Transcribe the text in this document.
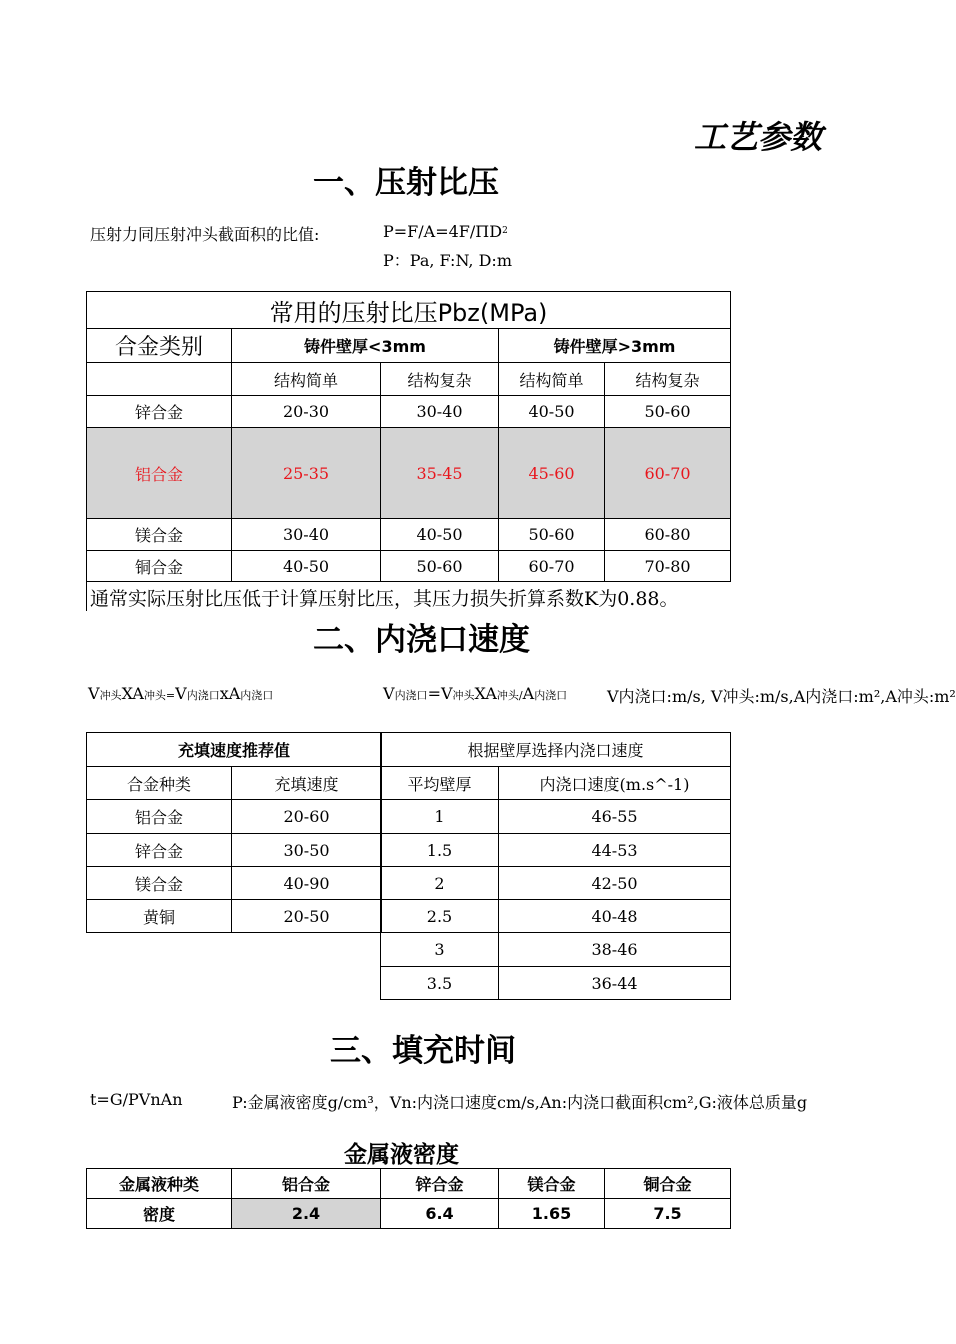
工艺参数
一、压射比压
压射力同压射冲头截面积的比值:	$P=F/A=4F/\Pi D^2$
P：Pa, F:N, D:m
常用的压射比压Pbz(MPa)				
合金类别	铸件壁厚<3mm		铸件壁厚>3mm	
	结构简单	结构复杂	结构简单	结构复杂
锌合金	20-30	30-40	40-50	50-60
铝合金	25-35	35-45	45-60	60-70
镁合金	30-40	40-50	50-60	60-80
铜合金	40-50	50-60	60-70	70-80
通常实际压射比压低于计算压射比压，其压力损失折算系数K为0.88。
二、内浇口速度
V冲头XA冲头=V内浇口xA内浇口	V内浇口=V冲头XA冲头/A内浇口 V内浇口:m/s, V冲头:m/s,A内浇口:m²,A冲头:m²
充填速度推荐值	
合金种类	充填速度
铝合金	20-60
锌合金	30-50
镁合金	40-90
黄铜	20-50
根据壁厚选择内浇口速度	
平均壁厚	内浇口速度(m.s^-1)
1	46-55
1.5	44-53
2	42-50
2.5	40-48
3	38-46
3.5	36-44
三、填充时间
t=G/PVnAn	P:金属液密度g/cm³，Vn:内浇口速度cm/s,An:内浇口截面积cm²,G:液体总质量g
金属液密度
金属液种类	铝合金	锌合金	镁合金	铜合金
密度	2.4	6.4	1.65	7.5
